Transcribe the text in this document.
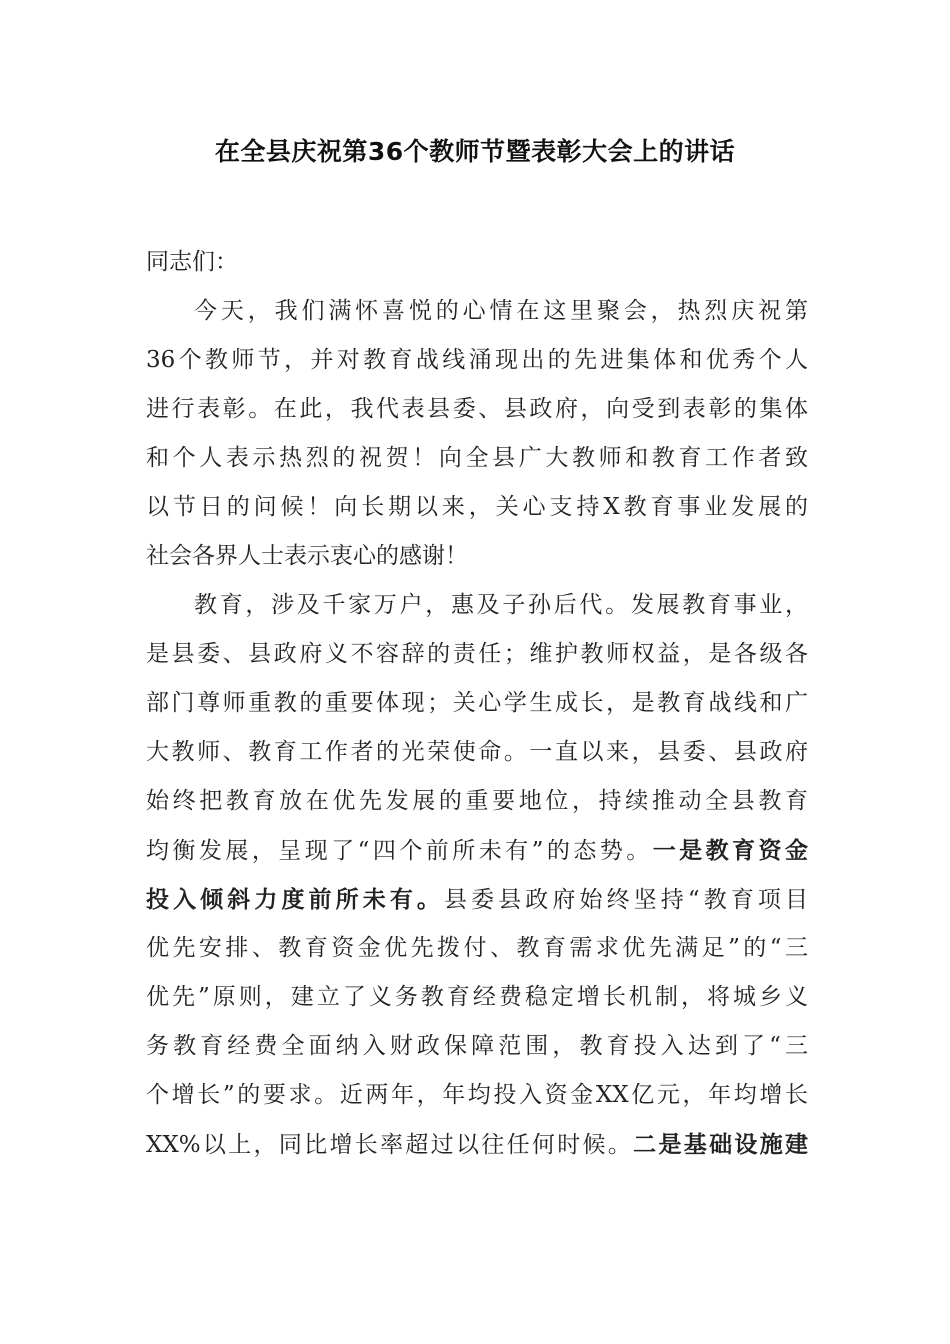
在全县庆祝第36个教师节暨表彰大会上的讲话
同志们：
今天，我们满怀喜悦的心情在这里聚会，热烈庆祝第
36个教师节，并对教育战线涌现出的先进集体和优秀个人
进行表彰。在此，我代表县委、县政府，向受到表彰的集体
和个人表示热烈的祝贺！向全县广大教师和教育工作者致
以节日的问候！向长期以来，关心支持X教育事业发展的
社会各界人士表示衷心的感谢！
教育，涉及千家万户，惠及子孙后代。发展教育事业，
是县委、县政府义不容辞的责任；维护教师权益，是各级各
部门尊师重教的重要体现；关心学生成长，是教育战线和广
大教师、教育工作者的光荣使命。一直以来，县委、县政府
始终把教育放在优先发展的重要地位，持续推动全县教育
均衡发展，呈现了“四个前所未有”的态势。一是教育资金
投入倾斜力度前所未有。县委县政府始终坚持“教育项目
优先安排、教育资金优先拨付、教育需求优先满足”的“三
优先”原则，建立了义务教育经费稳定增长机制，将城乡义
务教育经费全面纳入财政保障范围，教育投入达到了“三
个增长”的要求。近两年，年均投入资金XX亿元，年均增长
XX%以上，同比增长率超过以往任何时候。二是基础设施建
